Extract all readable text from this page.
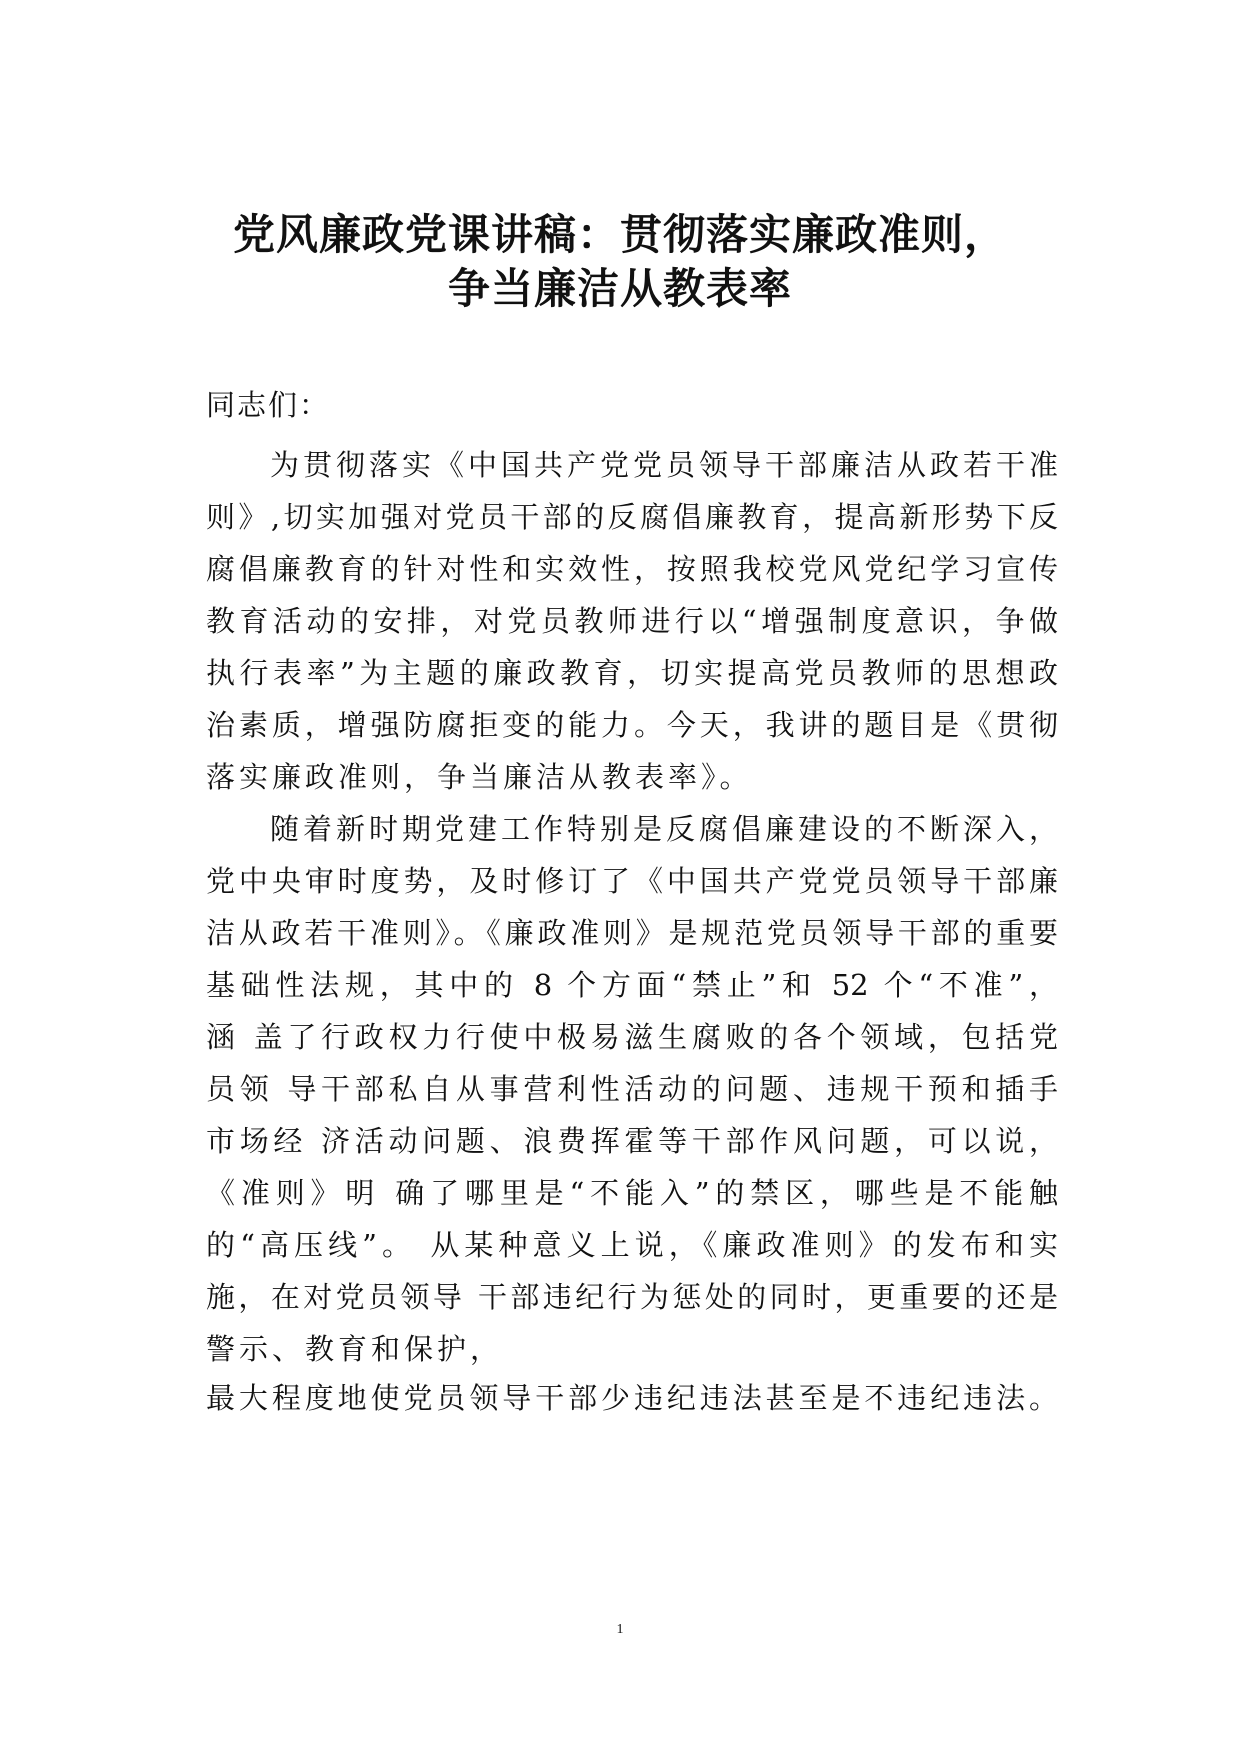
党风廉政党课讲稿：贯彻落实廉政准则，
争当廉洁从教表率
同志们：
为贯彻落实《中国共产党党员领导干部廉洁从政若干准
则》,切实加强对党员干部的反腐倡廉教育，提高新形势下反
腐倡廉教育的针对性和实效性，按照我校党风党纪学习宣传
教育活动的安排，对党员教师进行以“增强制度意识，争做
执行表率”为主题的廉政教育，切实提高党员教师的思想政
治素质，增强防腐拒变的能力。今天，我讲的题目是《贯彻
落实廉政准则，争当廉洁从教表率》。
随着新时期党建工作特别是反腐倡廉建设的不断深入，
党中央审时度势，及时修订了《中国共产党党员领导干部廉
洁从政若干准则》。《廉政准则》是规范党员领导干部的重要
基础性法规，其中的 8 个方面“禁止”和 52 个“不准”，
涵 盖了行政权力行使中极易滋生腐败的各个领域，包括党
员领 导干部私自从事营利性活动的问题、违规干预和插手
市场经 济活动问题、浪费挥霍等干部作风问题，可以说，
《准则》明 确了哪里是“不能入”的禁区，哪些是不能触
的“高压线”。 从某种意义上说，《廉政准则》的发布和实
施，在对党员领导 干部违纪行为惩处的同时，更重要的还是
警示、教育和保护，
最大程度地使党员领导干部少违纪违法甚至是不违纪违法。
1
